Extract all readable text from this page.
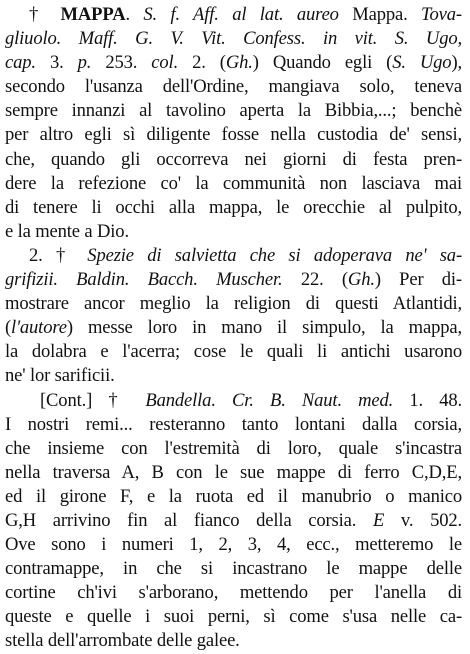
† MAPPA. S. f. Aff. al lat. aureo Mappa. Tova-
gliuolo. Maff. G. V. Vit. Confess. in vit. S. Ugo,
cap. 3. p. 253. col. 2. (Gh.) Quando egli (S. Ugo),
secondo l'usanza dell'Ordine, mangiava solo, teneva
sempre innanzi al tavolino aperta la Bibbia,...; benchè
per altro egli sì diligente fosse nella custodia de' sensi,
che, quando gli occorreva nei giorni di festa pren-
dere la refezione co' la communità non lasciava mai
di tenere li occhi alla mappa, le orecchie al pulpito,
e la mente a Dio.
2. † Spezie di salvietta che si adoperava ne' sa-
grifizii. Baldin. Bacch. Muscher. 22. (Gh.) Per di-
mostrare ancor meglio la religion di questi Atlantidi,
(l'autore) messe loro in mano il simpulo, la mappa,
la dolabra e l'acerra; cose le quali li antichi usarono
ne' lor sarificii.
[Cont.] † Bandella. Cr. B. Naut. med. 1. 48.
I nostri remi... resteranno tanto lontani dalla corsia,
che insieme con l'estremità di loro, quale s'incastra
nella traversa A, B con le sue mappe di ferro C,D,E,
ed il girone F, e la ruota ed il manubrio o manico
G,H arrivino fin al fianco della corsia. E v. 502.
Ove sono i numeri 1, 2, 3, 4, ecc., metteremo le
contramappe, in che si incastrano le mappe delle
cortine ch'ivi s'arborano, mettendo per l'anella di
queste e quelle i suoi perni, sì come s'usa nelle ca-
stella dell'arrombate delle galee.
